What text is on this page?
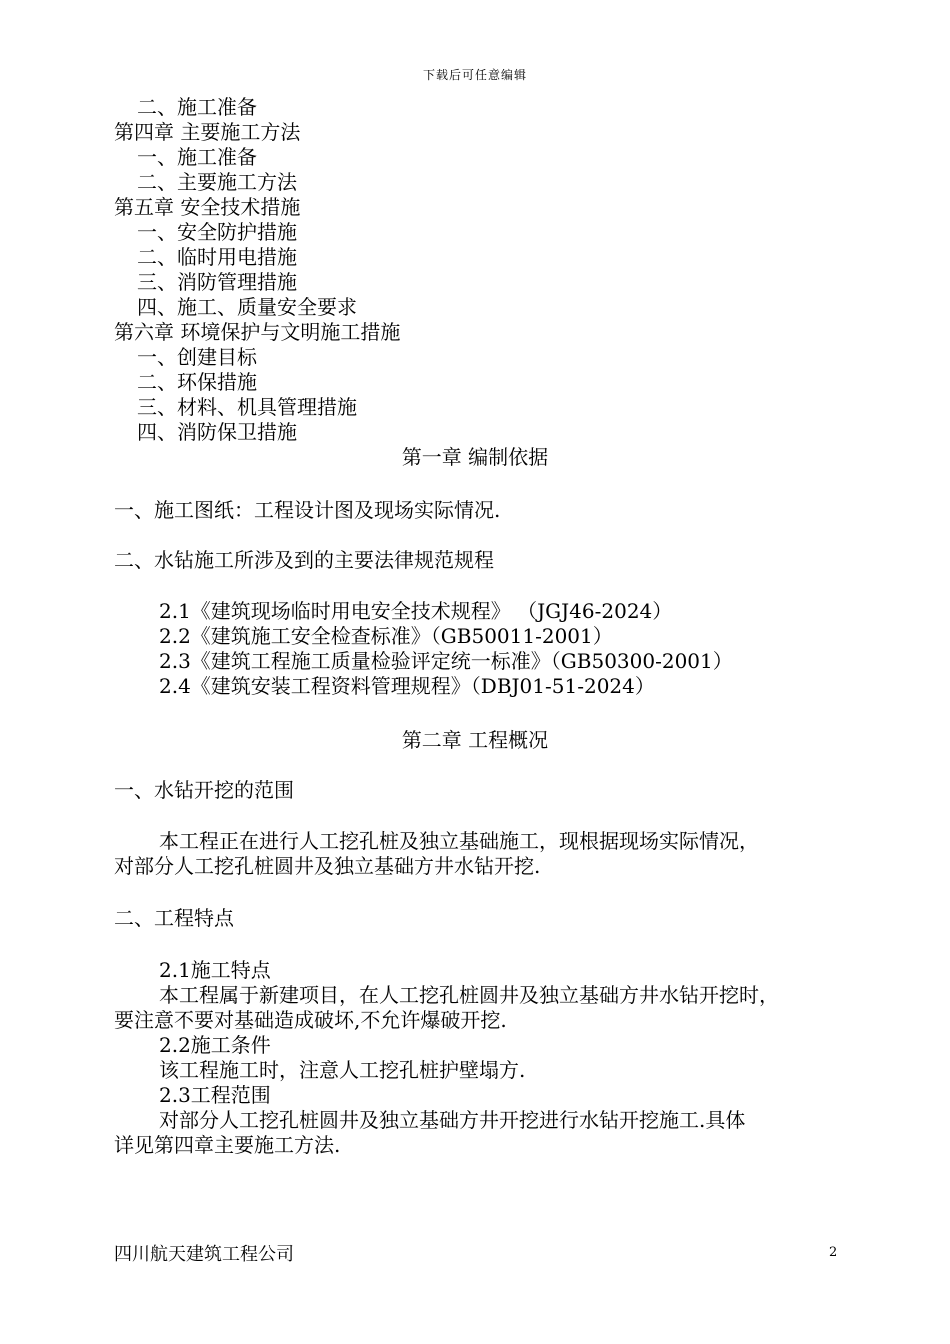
下载后可任意编辑
二、施工准备
第四章 主要施工方法
一、施工准备
二、主要施工方法
第五章 安全技术措施
一、安全防护措施
二、临时用电措施
三、消防管理措施
四、施工、质量安全要求
第六章 环境保护与文明施工措施
一、创建目标
二、环保措施
三、材料、机具管理措施
四、消防保卫措施
第一章 编制依据
一、施工图纸：工程设计图及现场实际情况.
二、水钻施工所涉及到的主要法律规范规程
2.1《建筑现场临时用电安全技术规程》 （JGJ46-2024）
2.2《建筑施工安全检查标准》（GB50011-2001）
2.3《建筑工程施工质量检验评定统一标准》（GB50300-2001）
2.4《建筑安装工程资料管理规程》（DBJ01-51-2024）
第二章 工程概况
一、水钻开挖的范围
本工程正在进行人工挖孔桩及独立基础施工，现根据现场实际情况，
对部分人工挖孔桩圆井及独立基础方井水钻开挖.
二、工程特点
2.1施工特点
本工程属于新建项目，在人工挖孔桩圆井及独立基础方井水钻开挖时，
要注意不要对基础造成破坏,不允许爆破开挖.
2.2施工条件
该工程施工时，注意人工挖孔桩护壁塌方.
2.3工程范围
对部分人工挖孔桩圆井及独立基础方井开挖进行水钻开挖施工.具体
详见第四章主要施工方法.
四川航天建筑工程公司	2
